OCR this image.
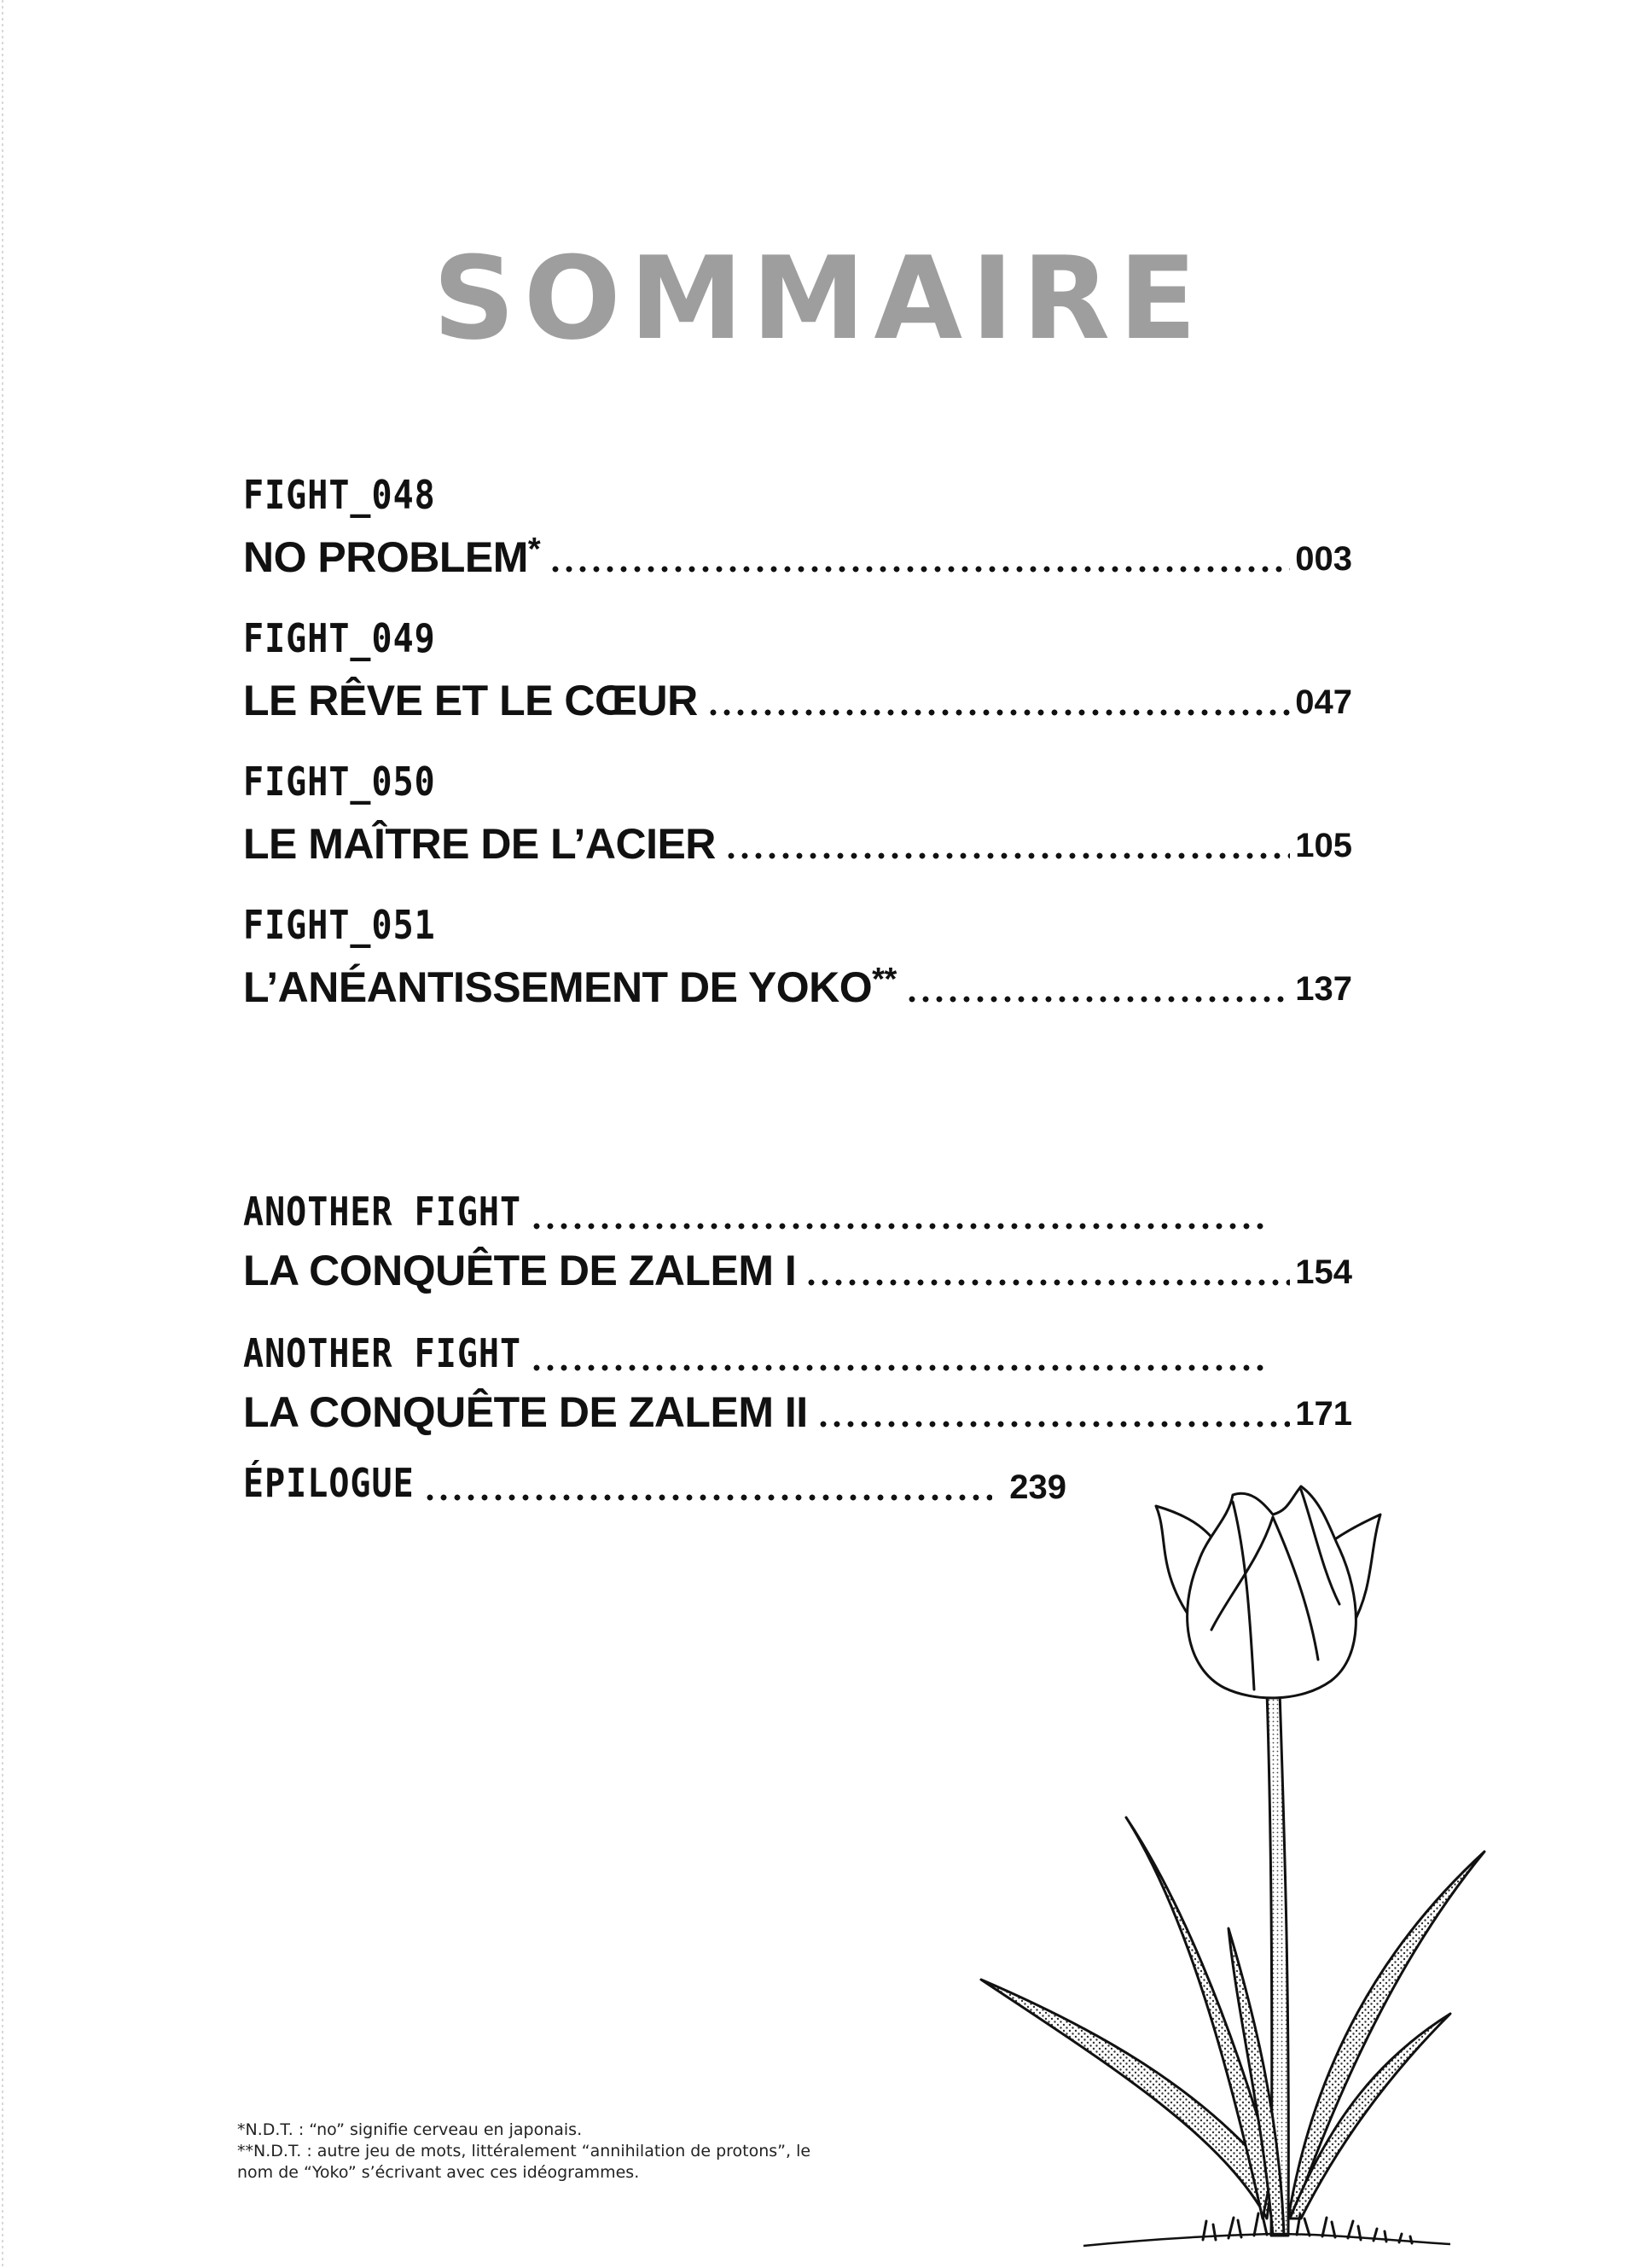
SOMMAIRE
FIGHT_048
NO PROBLEM*	003
FIGHT_049
LE RÊVE ET LE CŒUR	047
FIGHT_050
LE MAÎTRE DE L’ACIER	105
FIGHT_051
L’ANÉANTISSEMENT DE YOKO**	137
ANOTHER FIGHT
LA CONQUÊTE DE ZALEM I	154
ANOTHER FIGHT
LA CONQUÊTE DE ZALEM II	171
ÉPILOGUE	239
*N.D.T. : “no” signifie cerveau en japonais.
**N.D.T. : autre jeu de mots, littéralement “annihilation de protons”, le
nom de “Yoko” s’écrivant avec ces idéogrammes.
